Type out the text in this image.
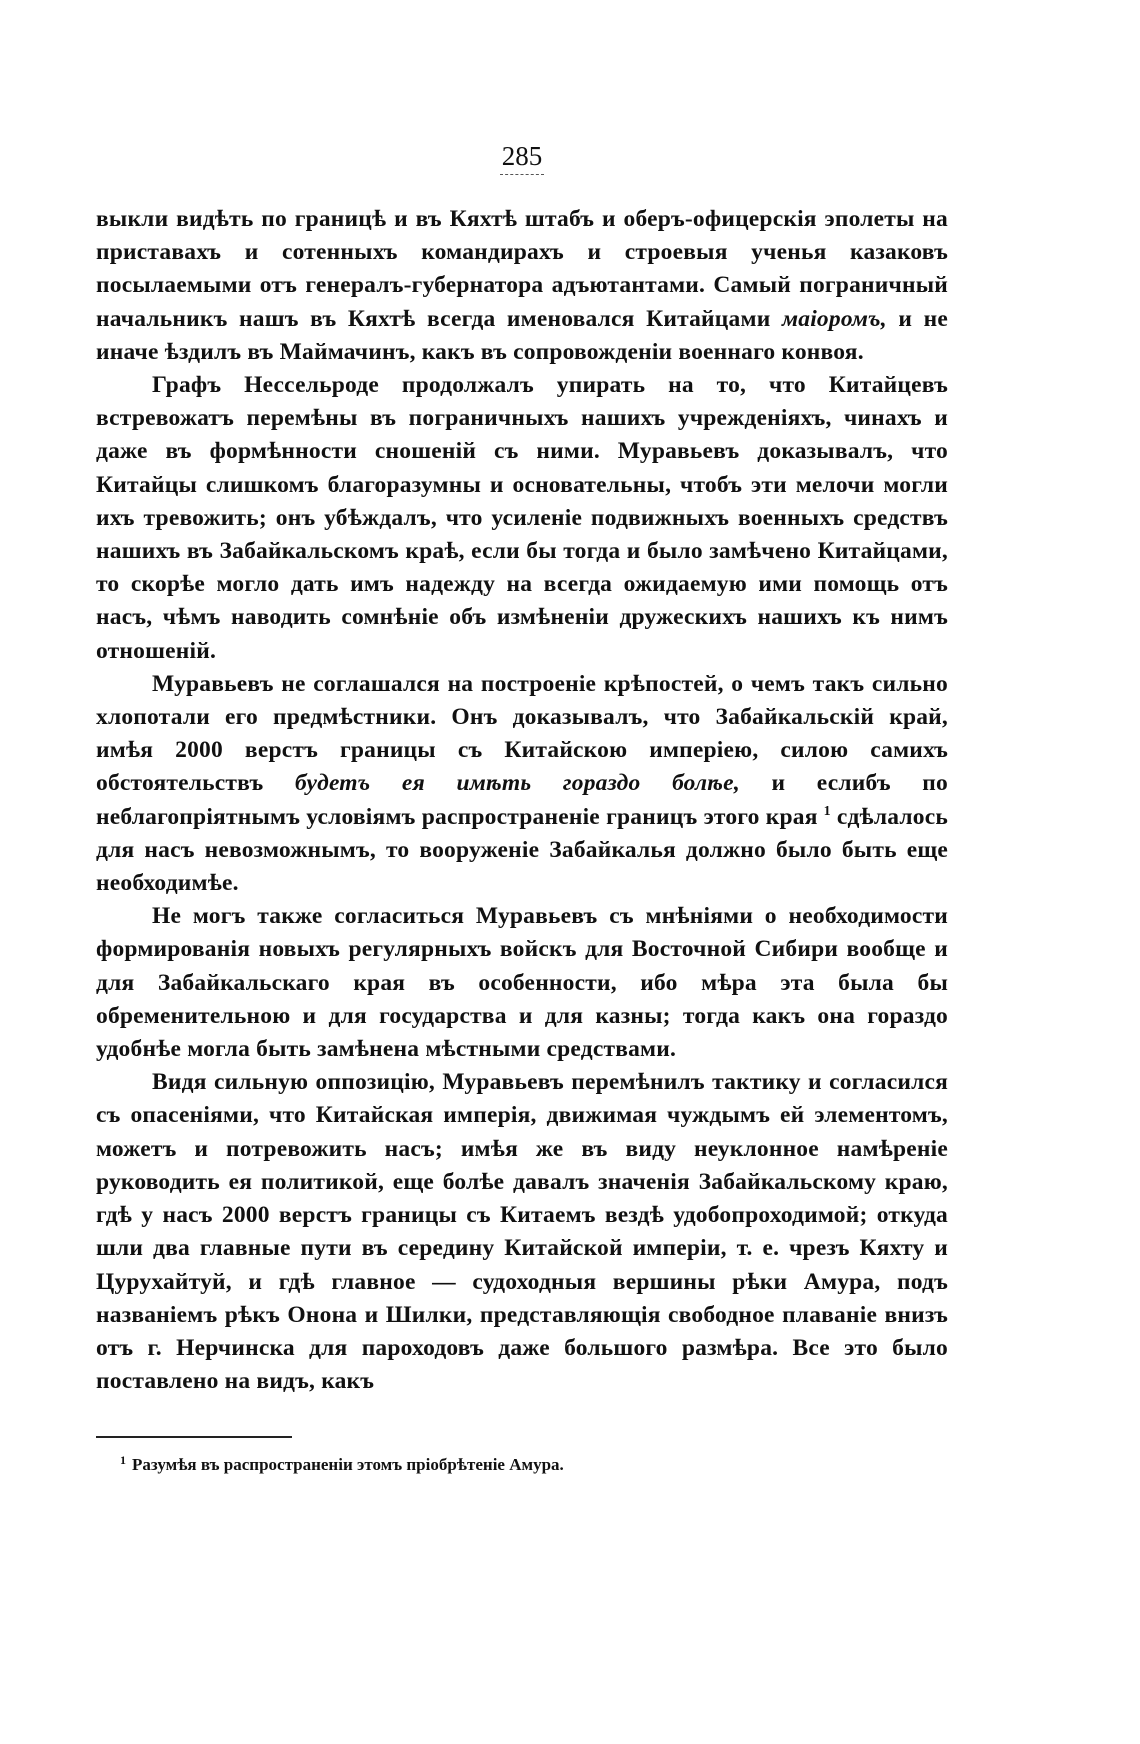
285

выкли видѣть по границѣ и въ Кяхтѣ штабъ и оберъ-офицерскія эполеты на приставахъ и сотенныхъ командирахъ и строевыя ученья казаковъ посылаемыми отъ генералъ-губернатора адъютантами. Самый пограничный начальникъ нашъ въ Кяхтѣ всегда именовался Китайцами маіоромъ, и не иначе ѣздилъ въ Маймачинъ, какъ въ сопровожденіи военнаго конвоя.

Графъ Нессельроде продолжалъ упирать на то, что Китайцевъ встревожатъ перемѣны въ пограничныхъ нашихъ учрежденіяхъ, чинахъ и даже въ формѣнности сношеній съ ними. Муравьевъ доказывалъ, что Китайцы слишкомъ благоразумны и основательны, чтобъ эти мелочи могли ихъ тревожить; онъ убѣждалъ, что усиленіе подвижныхъ военныхъ средствъ нашихъ въ Забайкальскомъ краѣ, если бы тогда и было замѣчено Китайцами, то скорѣе могло дать имъ надежду на всегда ожидаемую ими помощь отъ насъ, чѣмъ наводить сомнѣніе объ измѣненіи дружескихъ нашихъ къ нимъ отношеній.

Муравьевъ не соглашался на построеніе крѣпостей, о чемъ такъ сильно хлопотали его предмѣстники. Онъ доказывалъ, что Забайкальскій край, имѣя 2000 верстъ границы съ Китайскою имперіею, силою самихъ обстоятельствъ будетъ ея имѣть гораздо болѣе, и еслибъ по неблагопріятнымъ условіямъ распространеніе границъ этого края $^1$ сдѣлалось для насъ невозможнымъ, то вооруженіе Забайкалья должно было быть еще необходимѣе.

Не могъ также согласиться Муравьевъ съ мнѣніями о необходимости формированія новыхъ регулярныхъ войскъ для Восточной Сибири вообще и для Забайкальскаго края въ особенности, ибо мѣра эта была бы обременительною и для государства и для казны; тогда какъ она гораздо удобнѣе могла быть замѣнена мѣстными средствами.

Видя сильную оппозицію, Муравьевъ перемѣнилъ тактику и согласился съ опасеніями, что Китайская имперія, движимая чуждымъ ей элементомъ, можетъ и потревожить насъ; имѣя же въ виду неуклонное намѣреніе руководить ея политикой, еще болѣе давалъ значенія Забайкальскому краю, гдѣ у насъ 2000 верстъ границы съ Китаемъ вездѣ удобопроходимой; откуда шли два главные пути въ середину Китайской имперіи, т. е. чрезъ Кяхту и Цурухайтуй, и гдѣ главное — судоходныя вершины рѣки Амура, подъ названіемъ рѣкъ Онона и Шилки, представляющія свободное плаваніе внизъ отъ г. Нерчинска для пароходовъ даже большого размѣра. Все это было поставлено на видъ, какъ

$^1$ Разумѣя въ распространеніи этомъ пріобрѣтеніе Амура.
